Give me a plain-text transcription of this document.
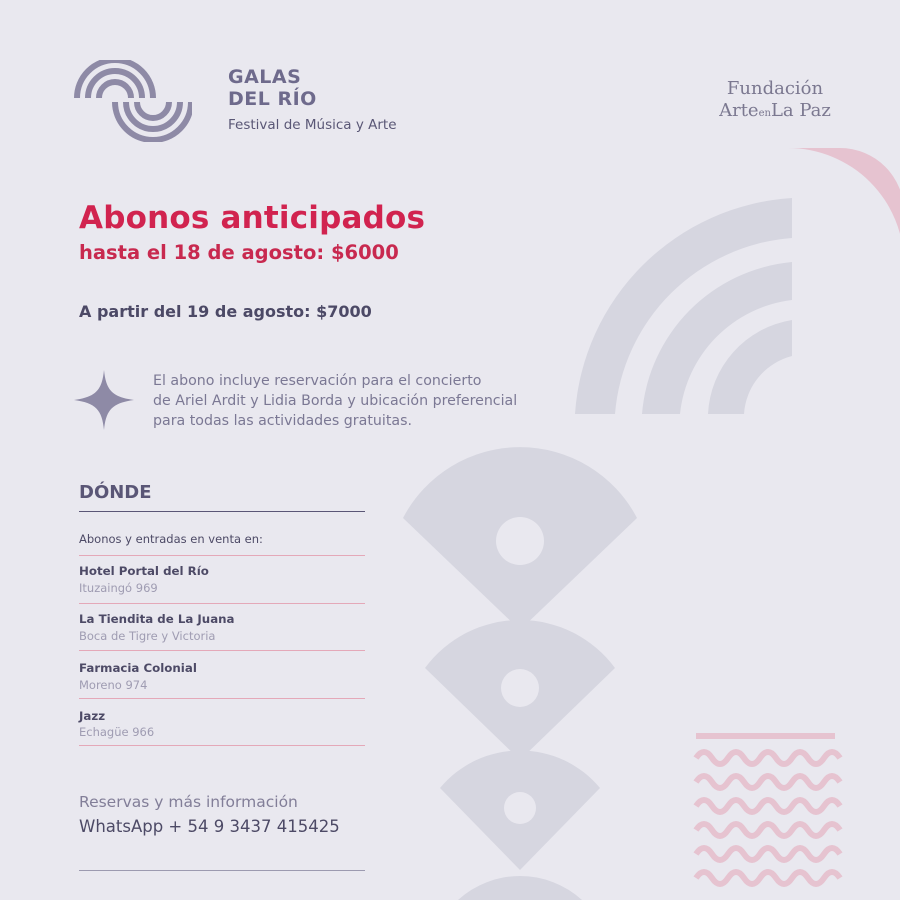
GALAS
DEL RÍO
Festival de Música y Arte
Fundación
ArteenLa Paz
Abonos anticipados
hasta el 18 de agosto: $6000
A partir del 19 de agosto: $7000
El abono incluye reservación para el concierto
de Ariel Ardit y Lidia Borda y ubicación preferencial
para todas las actividades gratuitas.
DÓNDE
Abonos y entradas en venta en:
Hotel Portal del Río
Ituzaingó 969
La Tiendita de La Juana
Boca de Tigre y Victoria
Farmacia Colonial
Moreno 974
Jazz
Echagüe 966
Reservas y más información
WhatsApp + 54 9 3437 415425
